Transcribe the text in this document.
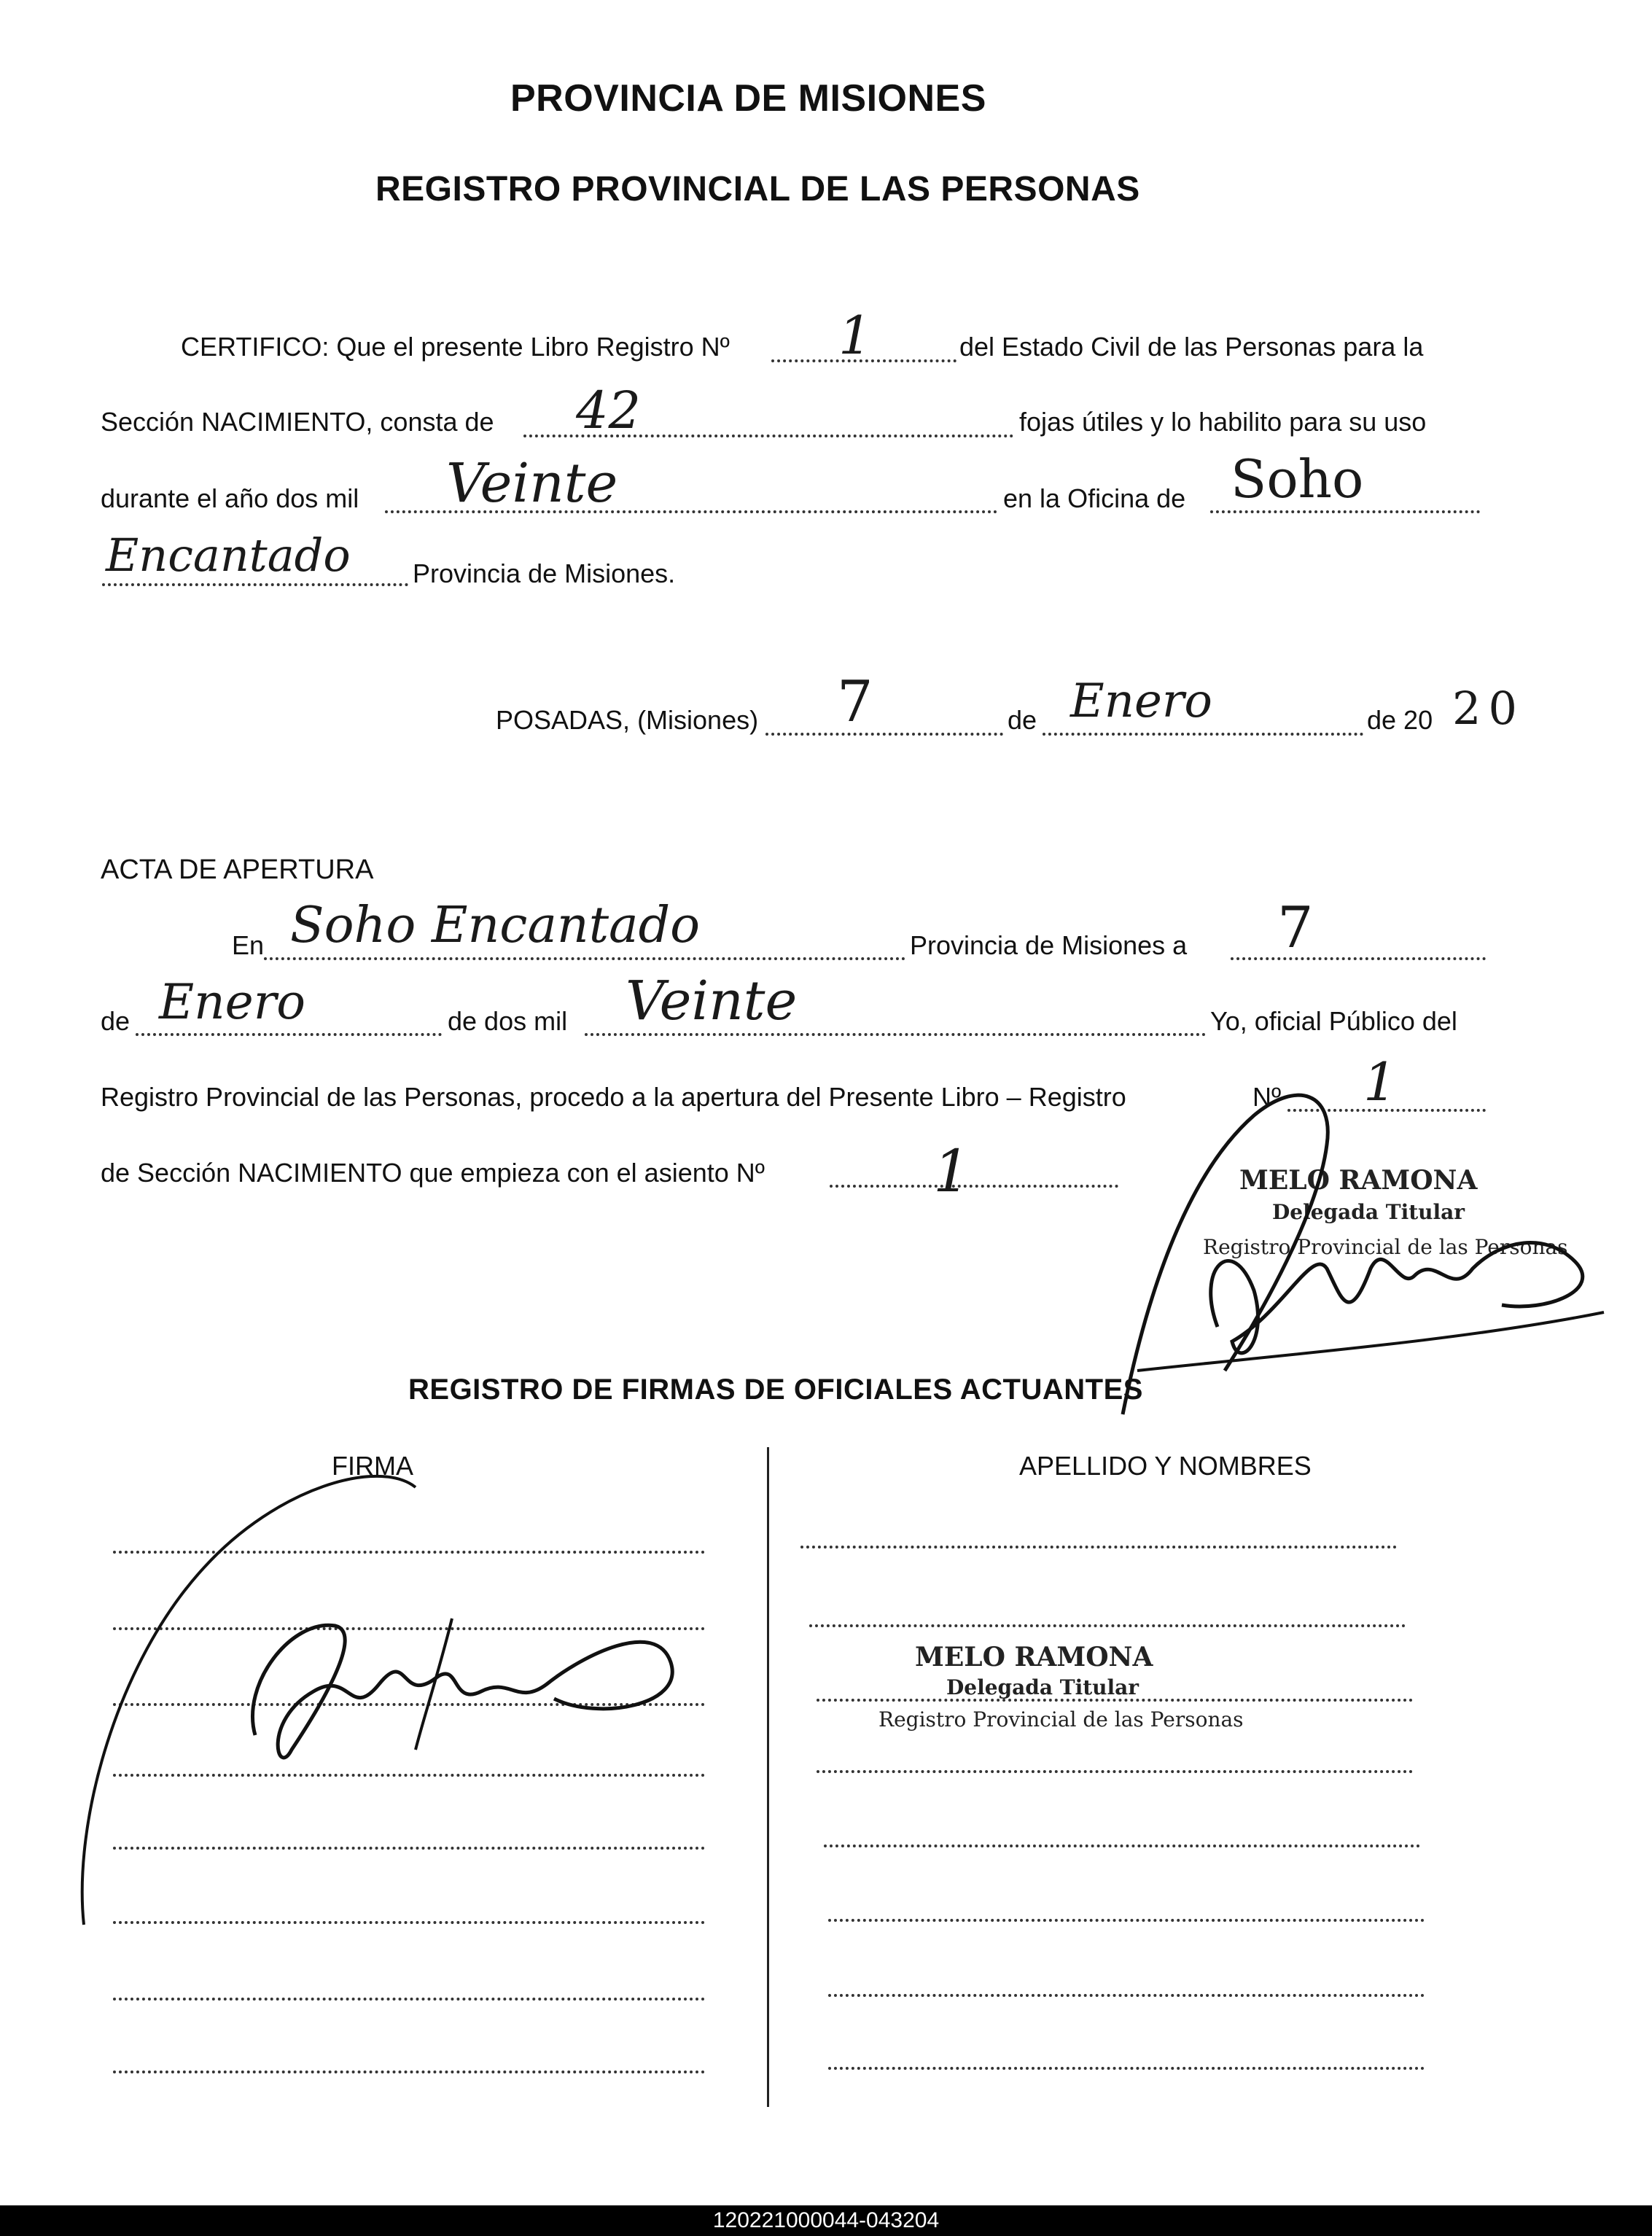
PROVINCIA DE MISIONES
REGISTRO PROVINCIAL DE LAS PERSONAS
CERTIFICO: Que el presente Libro Registro Nº 1	del Estado Civil de las Personas para la
Sección NACIMIENTO, consta de 42	fojas útiles y lo habilito para su uso
durante el año dos mil Veinte	en la Oficina de Soho
Encantado Provincia de Misiones.
POSADAS, (Misiones) 7	de Enero	de 20 20
ACTA DE APERTURA
En Soho Encantado	Provincia de Misiones a 7
de Enero	de dos mil Veinte	Yo, oficial Público del
Registro Provincial de las Personas, procedo a la apertura del Presente Libro – Registro	Nº 1
de Sección NACIMIENTO que empieza con el asiento Nº	1	MELO RAMONA
Delegada Titular
Registro Provincial de las Personas
REGISTRO DE FIRMAS DE OFICIALES ACTUANTES
FIRMA	APELLIDO Y NOMBRES
MELO RAMONA
Delegada Titular
Registro Provincial de las Personas
120221000044-043204
